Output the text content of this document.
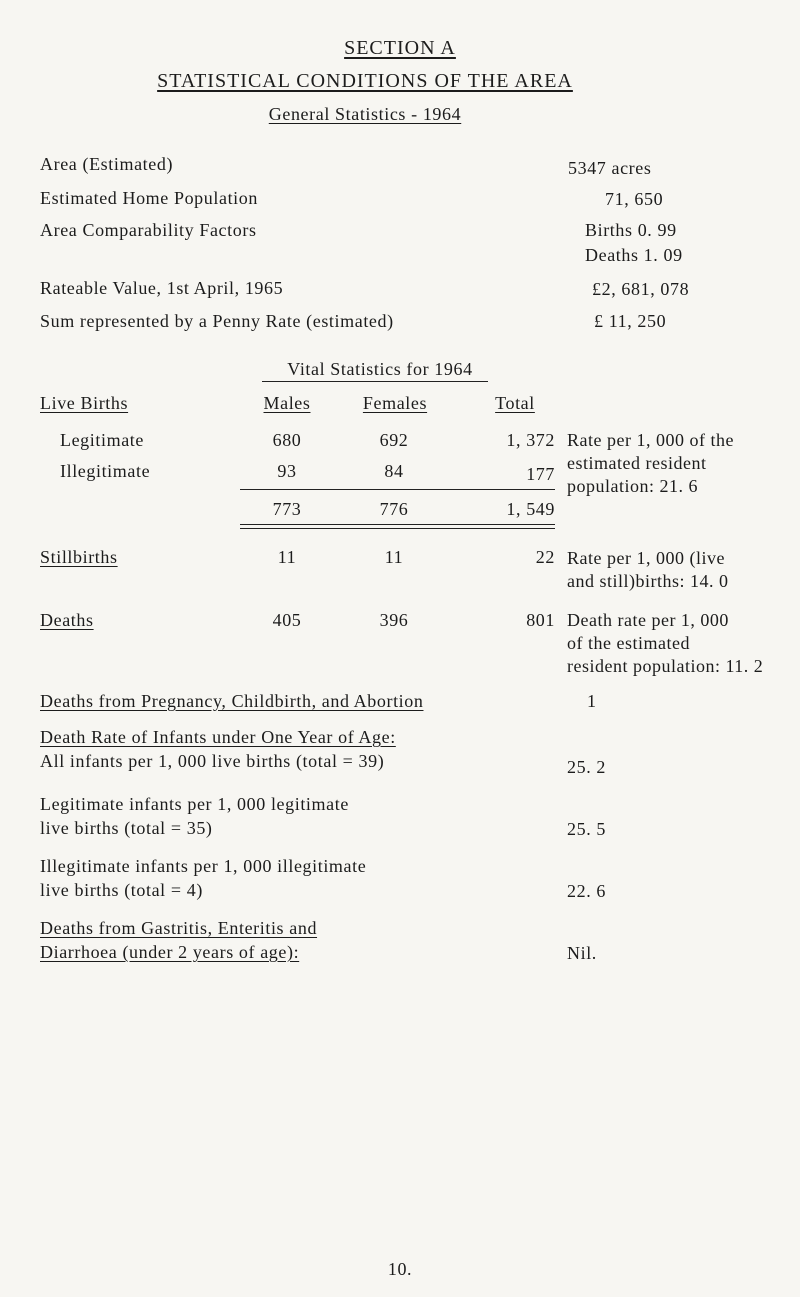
SECTION A
STATISTICAL CONDITIONS OF THE AREA
General Statistics - 1964
Area (Estimated)	5347 acres
Estimated Home Population	71, 650
Area Comparability Factors	Births 0. 99
Deaths 1. 09
Rateable Value, 1st April, 1965	£2, 681, 078
Sum represented by a Penny Rate (estimated)	£ 11, 250
Vital Statistics for 1964
Live Births	Males	Females	Total
Legitimate	680	692	1, 372
Illegitimate	93	84	177
Rate per 1, 000 of the
estimated resident
population: 21. 6
773	776	1, 549
Stillbirths	11	11	22 Rate per 1, 000 (live
and still)births: 14. 0
Deaths	405	396	801 Death rate per 1, 000
of the estimated
resident population: 11. 2
Deaths from Pregnancy, Childbirth, and Abortion	1
Death Rate of Infants under One Year of Age:
All infants per 1, 000 live births (total = 39)	25. 2
Legitimate infants per 1, 000 legitimate
live births (total = 35)	25. 5
Illegitimate infants per 1, 000 illegitimate
live births (total = 4)	22. 6
Deaths from Gastritis, Enteritis and
Diarrhoea (under 2 years of age):	Nil.
10.
